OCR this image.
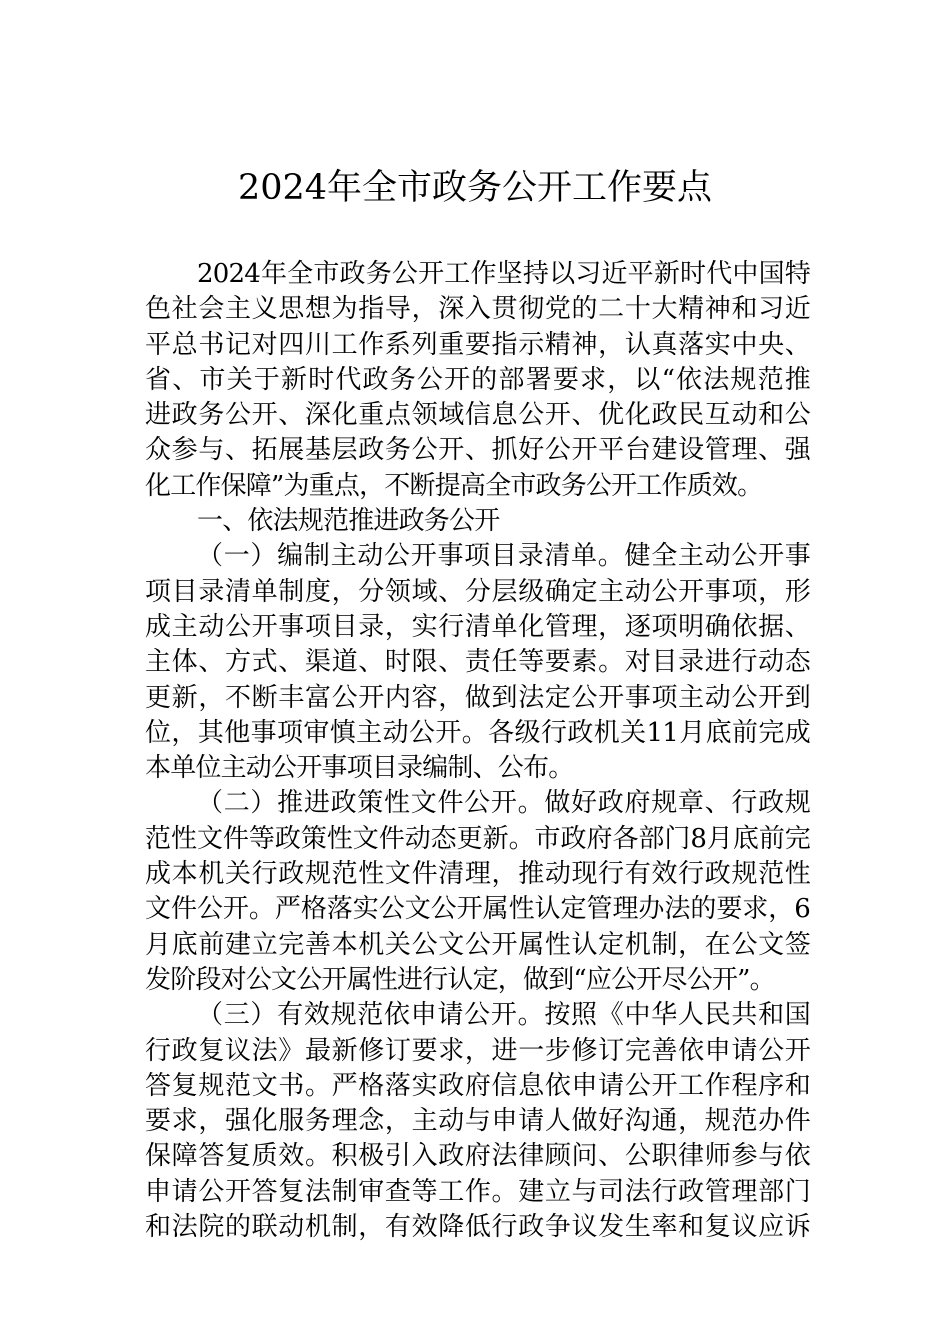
2024年全市政务公开工作要点
2024年全市政务公开工作坚持以习近平新时代中国特
色社会主义思想为指导，深入贯彻党的二十大精神和习近
平总书记对四川工作系列重要指示精神，认真落实中央、
省、市关于新时代政务公开的部署要求，以“依法规范推
进政务公开、深化重点领域信息公开、优化政民互动和公
众参与、拓展基层政务公开、抓好公开平台建设管理、强
化工作保障”为重点，不断提高全市政务公开工作质效。
一、依法规范推进政务公开
（一）编制主动公开事项目录清单。健全主动公开事
项目录清单制度，分领域、分层级确定主动公开事项，形
成主动公开事项目录，实行清单化管理，逐项明确依据、
主体、方式、渠道、时限、责任等要素。对目录进行动态
更新，不断丰富公开内容，做到法定公开事项主动公开到
位，其他事项审慎主动公开。各级行政机关11月底前完成
本单位主动公开事项目录编制、公布。
（二）推进政策性文件公开。做好政府规章、行政规
范性文件等政策性文件动态更新。市政府各部门8月底前完
成本机关行政规范性文件清理，推动现行有效行政规范性
文件公开。严格落实公文公开属性认定管理办法的要求，6
月底前建立完善本机关公文公开属性认定机制，在公文签
发阶段对公文公开属性进行认定，做到“应公开尽公开”。
（三）有效规范依申请公开。按照《中华人民共和国
行政复议法》最新修订要求，进一步修订完善依申请公开
答复规范文书。严格落实政府信息依申请公开工作程序和
要求，强化服务理念，主动与申请人做好沟通，规范办件
保障答复质效。积极引入政府法律顾问、公职律师参与依
申请公开答复法制审查等工作。建立与司法行政管理部门
和法院的联动机制，有效降低行政争议发生率和复议应诉
